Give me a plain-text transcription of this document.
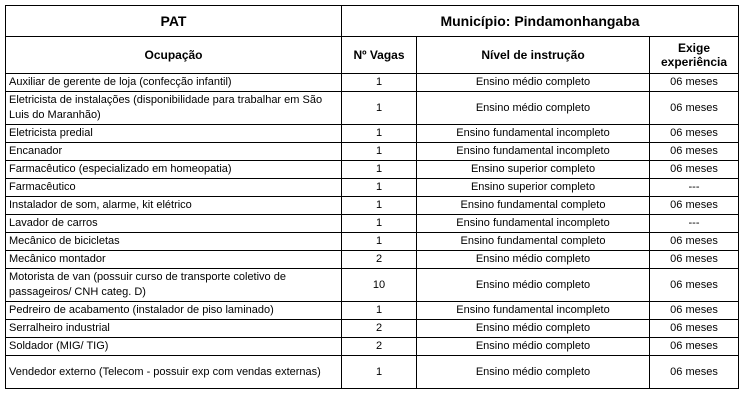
PAT	Município: Pindamonhangaba		
Ocupação	Nº Vagas	Nível de instrução	Exige
experiência
Auxiliar de gerente de loja (confecção infantil)	1	Ensino médio completo	06 meses
Eletricista de instalações (disponibilidade para trabalhar em São Luis do Maranhão)	1	Ensino médio completo	06 meses
Eletricista predial	1	Ensino fundamental incompleto	06 meses
Encanador	1	Ensino fundamental incompleto	06 meses
Farmacêutico (especializado em homeopatia)	1	Ensino superior completo	06 meses
Farmacêutico	1	Ensino superior completo	---
Instalador de som, alarme, kit elétrico	1	Ensino fundamental completo	06 meses
Lavador de carros	1	Ensino fundamental incompleto	---
Mecânico de bicicletas	1	Ensino fundamental completo	06 meses
Mecânico montador	2	Ensino médio completo	06 meses
Motorista de van (possuir curso de transporte coletivo de passageiros/ CNH categ. D)	10	Ensino médio completo	06 meses
Pedreiro de acabamento (instalador de piso laminado)	1	Ensino fundamental incompleto	06 meses
Serralheiro industrial	2	Ensino médio completo	06 meses
Soldador (MIG/ TIG)	2	Ensino médio completo	06 meses
Vendedor externo (Telecom - possuir exp com vendas externas)	1	Ensino médio completo	06 meses
